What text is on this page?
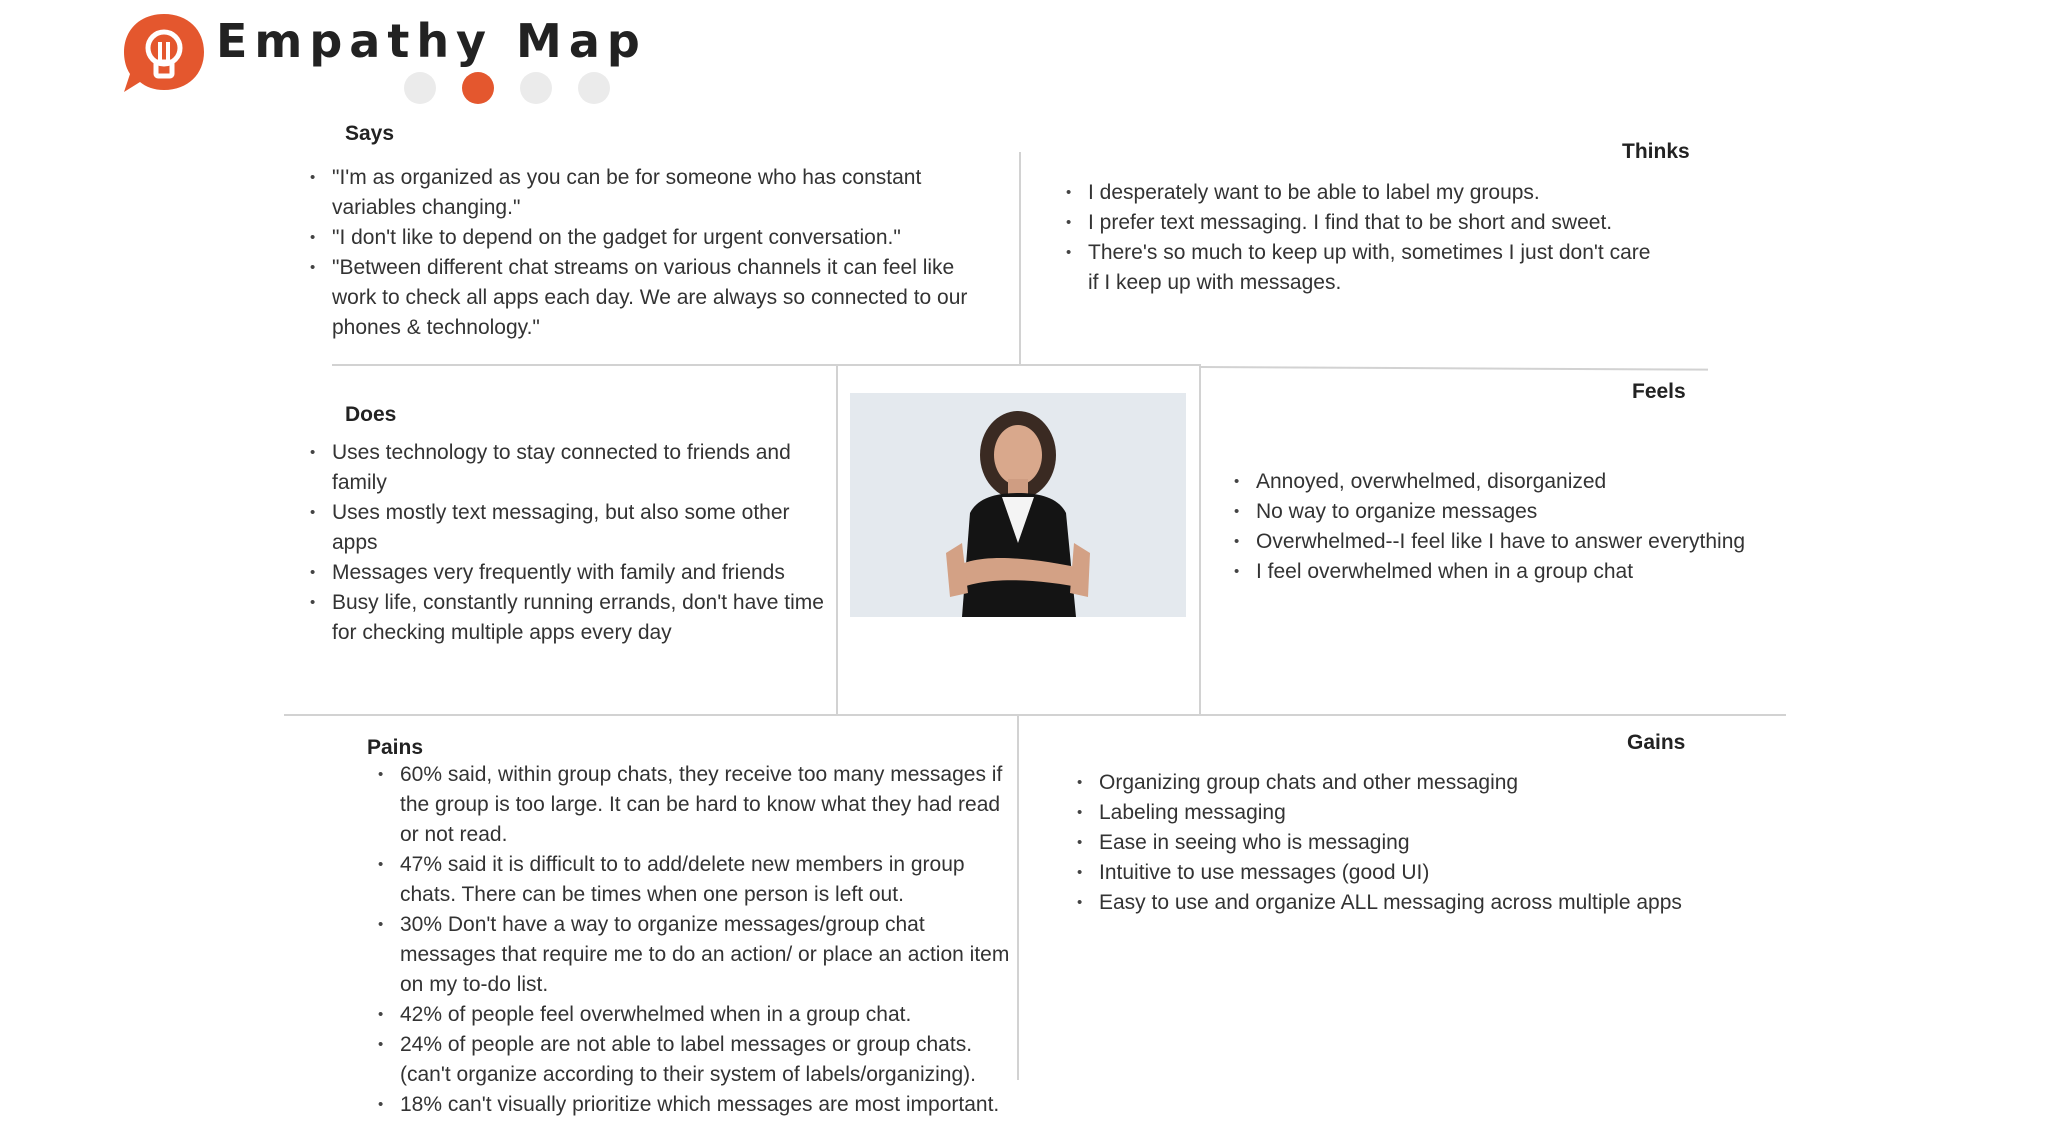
Empathy Map
Says
• "I'm as organized as you can be for someone who has constant variables changing."
• "I don't like to depend on the gadget for urgent conversation."
• "Between different chat streams on various channels it can feel like work to check all apps each day. We are always so connected to our phones & technology."
Thinks
• I desperately want to be able to label my groups.
• I prefer text messaging. I find that to be short and sweet.
• There's so much to keep up with, sometimes I just don't care if I keep up with messages.
Does
• Uses technology to stay connected to friends and family
• Uses mostly text messaging, but also some other apps
• Messages very frequently with family and friends
• Busy life, constantly running errands, don't have time for checking multiple apps every day
Feels
• Annoyed, overwhelmed, disorganized
• No way to organize messages
• Overwhelmed--I feel like I have to answer everything
• I feel overwhelmed when in a group chat
Pains
• 60% said, within group chats, they receive too many messages if the group is too large. It can be hard to know what they had read or not read.
• 47% said it is difficult to to add/delete new members in group chats. There can be times when one person is left out.
• 30% Don't have a way to organize messages/group chat messages that require me to do an action/ or place an action item on my to-do list.
• 42% of people feel overwhelmed when in a group chat.
• 24% of people are not able to label messages or group chats. (can't organize according to their system of labels/organizing).
• 18% can't visually prioritize which messages are most important.
Gains
• Organizing group chats and other messaging
• Labeling messaging
• Ease in seeing who is messaging
• Intuitive to use messages (good UI)
• Easy to use and organize ALL messaging across multiple apps
